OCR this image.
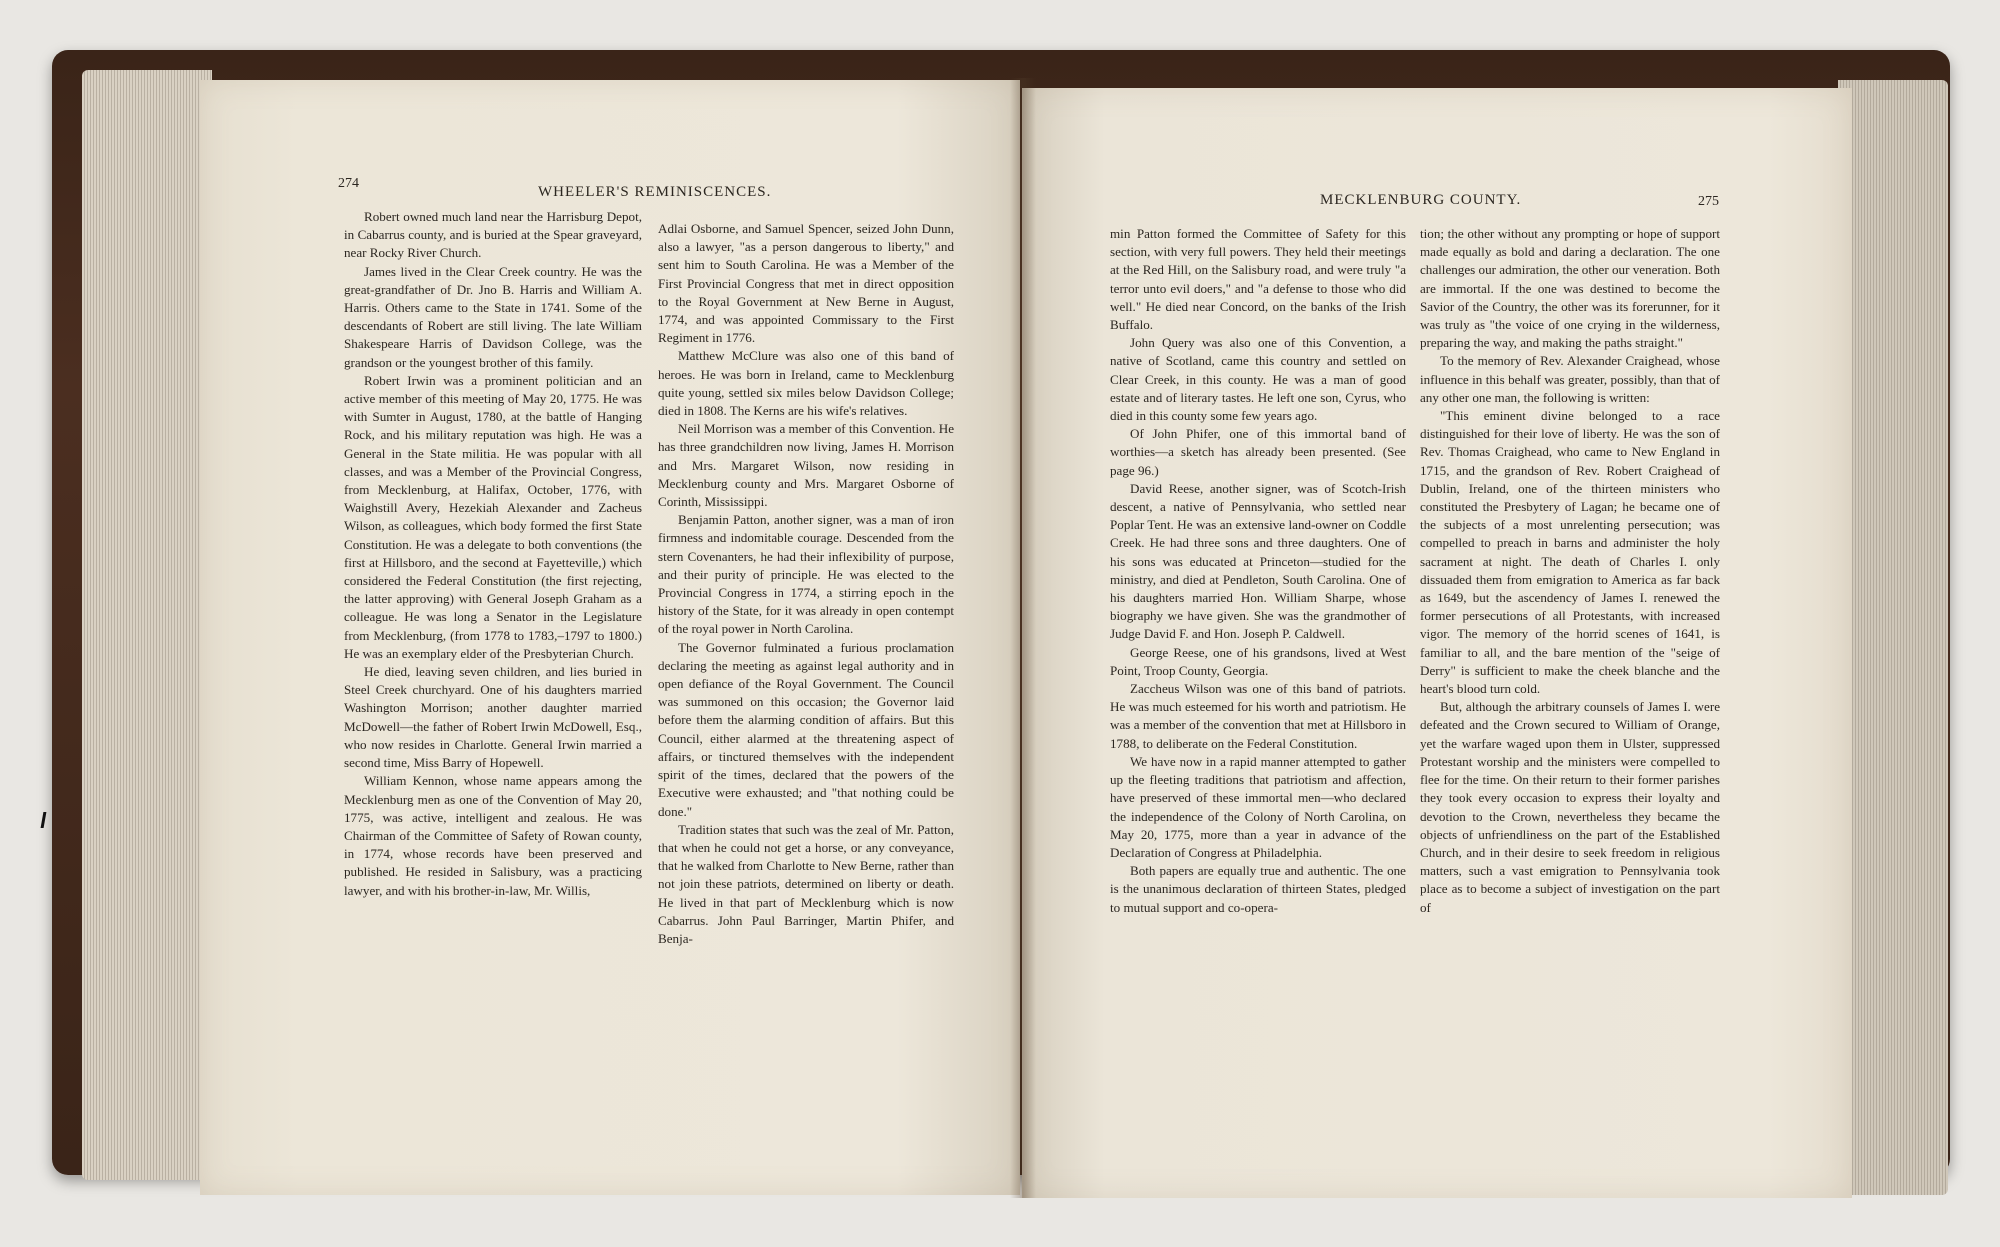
274
WHEELER'S REMINISCENCES.

Robert owned much land near the Harrisburg Depot, in Cabarrus county, and is buried at the Spear graveyard, near Rocky River Church.

James lived in the Clear Creek country. He was the great-grandfather of Dr. Jno B. Harris and William A. Harris. Others came to the State in 1741. Some of the descendants of Robert are still living. The late William Shakespeare Harris of Davidson College, was the grandson or the youngest brother of this family.

Robert Irwin was a prominent politician and an active member of this meeting of May 20, 1775. He was with Sumter in August, 1780, at the battle of Hanging Rock, and his military reputation was high. He was a General in the State militia. He was popular with all classes, and was a Member of the Provincial Congress, from Mecklenburg, at Halifax, October, 1776, with Waighstill Avery, Hezekiah Alexander and Zacheus Wilson, as colleagues, which body formed the first State Constitution. He was a delegate to both conventions (the first at Hillsboro, and the second at Fayetteville,) which considered the Federal Constitution (the first rejecting, the latter approving) with General Joseph Graham as a colleague. He was long a Senator in the Legislature from Mecklenburg, (from 1778 to 1783,–1797 to 1800.) He was an exemplary elder of the Presbyterian Church.

He died, leaving seven children, and lies buried in Steel Creek churchyard. One of his daughters married Washington Morrison; another daughter married McDowell—the father of Robert Irwin McDowell, Esq., who now resides in Charlotte. General Irwin married a second time, Miss Barry of Hopewell.

William Kennon, whose name appears among the Mecklenburg men as one of the Convention of May 20, 1775, was active, intelligent and zealous. He was Chairman of the Committee of Safety of Rowan county, in 1774, whose records have been preserved and published. He resided in Salisbury, was a practicing lawyer, and with his brother-in-law, Mr. Willis,

Adlai Osborne, and Samuel Spencer, seized John Dunn, also a lawyer, "as a person dangerous to liberty," and sent him to South Carolina. He was a Member of the First Provincial Congress that met in direct opposition to the Royal Government at New Berne in August, 1774, and was appointed Commissary to the First Regiment in 1776.

Matthew McClure was also one of this band of heroes. He was born in Ireland, came to Mecklenburg quite young, settled six miles below Davidson College; died in 1808. The Kerns are his wife's relatives.

Neil Morrison was a member of this Convention. He has three grandchildren now living, James H. Morrison and Mrs. Margaret Wilson, now residing in Mecklenburg county and Mrs. Margaret Osborne of Corinth, Mississippi.

Benjamin Patton, another signer, was a man of iron firmness and indomitable courage. Descended from the stern Covenanters, he had their inflexibility of purpose, and their purity of principle. He was elected to the Provincial Congress in 1774, a stirring epoch in the history of the State, for it was already in open contempt of the royal power in North Carolina.

The Governor fulminated a furious proclamation declaring the meeting as against legal authority and in open defiance of the Royal Government. The Council was summoned on this occasion; the Governor laid before them the alarming condition of affairs. But this Council, either alarmed at the threatening aspect of affairs, or tinctured themselves with the independent spirit of the times, declared that the powers of the Executive were exhausted; and "that nothing could be done."

Tradition states that such was the zeal of Mr. Patton, that when he could not get a horse, or any conveyance, that he walked from Charlotte to New Berne, rather than not join these patriots, determined on liberty or death. He lived in that part of Mecklenburg which is now Cabarrus. John Paul Barringer, Martin Phifer, and Benja-

MECKLENBURG COUNTY.	275

min Patton formed the Committee of Safety for this section, with very full powers. They held their meetings at the Red Hill, on the Salisbury road, and were truly "a terror unto evil doers," and "a defense to those who did well." He died near Concord, on the banks of the Irish Buffalo.

John Query was also one of this Convention, a native of Scotland, came this country and settled on Clear Creek, in this county. He was a man of good estate and of literary tastes. He left one son, Cyrus, who died in this county some few years ago.

Of John Phifer, one of this immortal band of worthies—a sketch has already been presented. (See page 96.)

David Reese, another signer, was of Scotch-Irish descent, a native of Pennsylvania, who settled near Poplar Tent. He was an extensive land-owner on Coddle Creek. He had three sons and three daughters. One of his sons was educated at Princeton—studied for the ministry, and died at Pendleton, South Carolina. One of his daughters married Hon. William Sharpe, whose biography we have given. She was the grandmother of Judge David F. and Hon. Joseph P. Caldwell.

George Reese, one of his grandsons, lived at West Point, Troop County, Georgia.

Zaccheus Wilson was one of this band of patriots. He was much esteemed for his worth and patriotism. He was a member of the convention that met at Hillsboro in 1788, to deliberate on the Federal Constitution.

We have now in a rapid manner attempted to gather up the fleeting traditions that patriotism and affection, have preserved of these immortal men—who declared the independence of the Colony of North Carolina, on May 20, 1775, more than a year in advance of the Declaration of Congress at Philadelphia.

Both papers are equally true and authentic. The one is the unanimous declaration of thirteen States, pledged to mutual support and co-opera-

tion; the other without any prompting or hope of support made equally as bold and daring a declaration. The one challenges our admiration, the other our veneration. Both are immortal. If the one was destined to become the Savior of the Country, the other was its forerunner, for it was truly as "the voice of one crying in the wilderness, preparing the way, and making the paths straight."

To the memory of Rev. Alexander Craighead, whose influence in this behalf was greater, possibly, than that of any other one man, the following is written:

"This eminent divine belonged to a race distinguished for their love of liberty. He was the son of Rev. Thomas Craighead, who came to New England in 1715, and the grandson of Rev. Robert Craighead of Dublin, Ireland, one of the thirteen ministers who constituted the Presbytery of Lagan; he became one of the subjects of a most unrelenting persecution; was compelled to preach in barns and administer the holy sacrament at night. The death of Charles I. only dissuaded them from emigration to America as far back as 1649, but the ascendency of James I. renewed the former persecutions of all Protestants, with increased vigor. The memory of the horrid scenes of 1641, is familiar to all, and the bare mention of the "seige of Derry" is sufficient to make the cheek blanche and the heart's blood turn cold.

But, although the arbitrary counsels of James I. were defeated and the Crown secured to William of Orange, yet the warfare waged upon them in Ulster, suppressed Protestant worship and the ministers were compelled to flee for the time. On their return to their former parishes they took every occasion to express their loyalty and devotion to the Crown, nevertheless they became the objects of unfriendliness on the part of the Established Church, and in their desire to seek freedom in religious matters, such a vast emigration to Pennsylvania took place as to become a subject of investigation on the part of
